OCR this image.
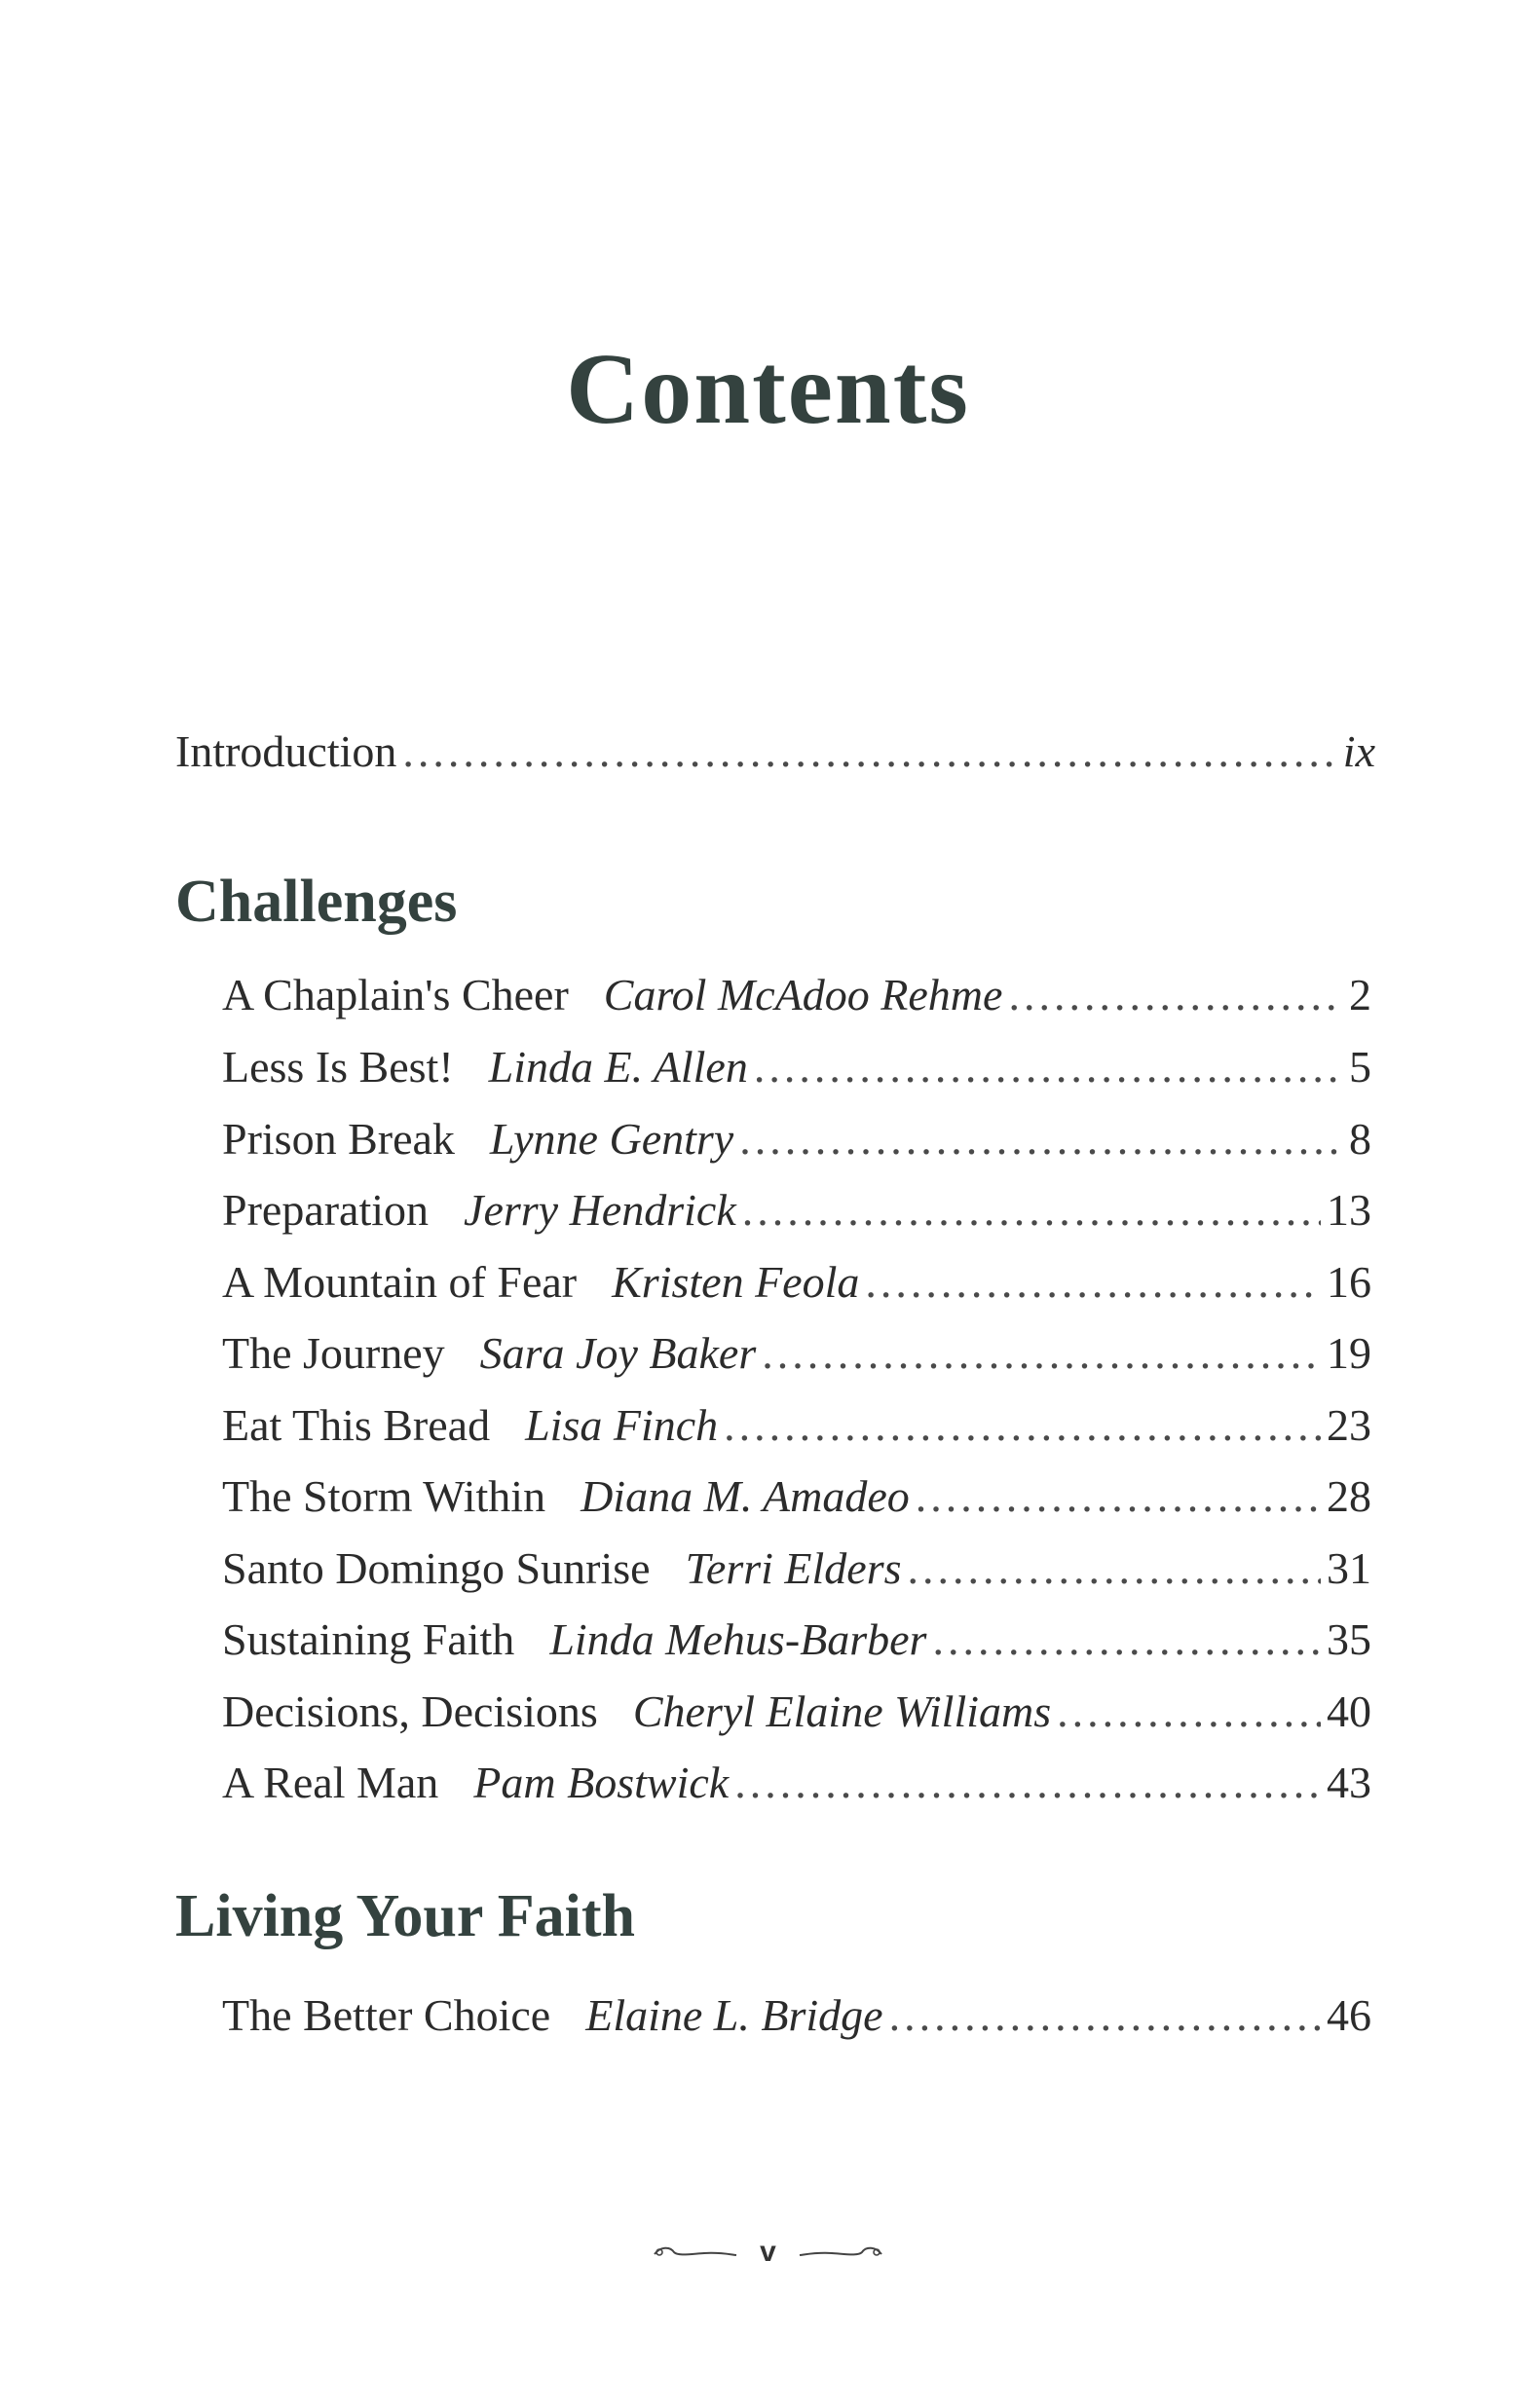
Contents
Introduction .....	ix
Challenges
A Chaplain's Cheer Carol McAdoo Rehme .....	2
Less Is Best! Linda E. Allen .....	5
Prison Break Lynne Gentry .....	8
Preparation Jerry Hendrick .....	13
A Mountain of Fear Kristen Feola .....	16
The Journey Sara Joy Baker .....	19
Eat This Bread Lisa Finch .....	23
The Storm Within Diana M. Amadeo .....	28
Santo Domingo Sunrise Terri Elders .....	31
Sustaining Faith Linda Mehus-Barber .....	35
Decisions, Decisions Cheryl Elaine Williams .....	40
A Real Man Pam Bostwick .....	43
Living Your Faith
The Better Choice Elaine L. Bridge .....	46
v
